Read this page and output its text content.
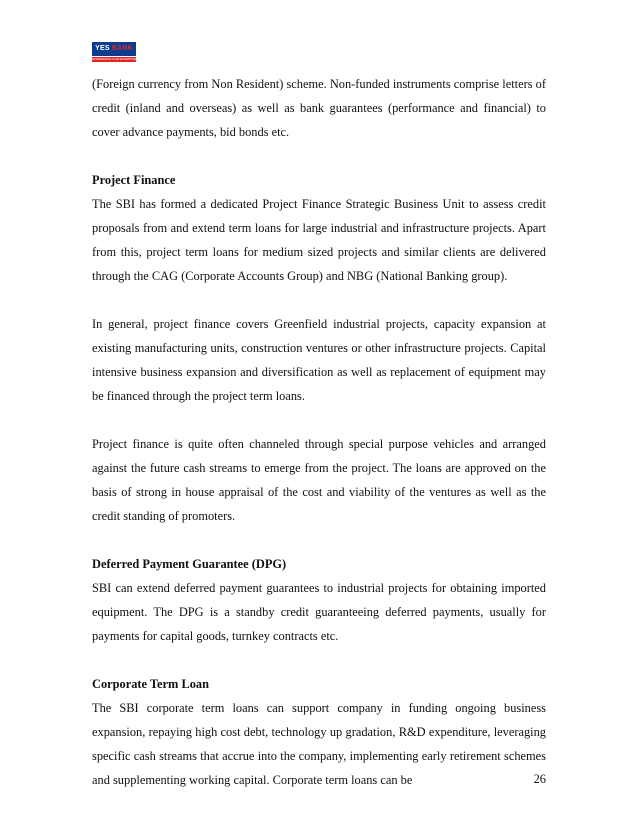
YES BANK
EXPERIENCE OUR EXPERTISE

(Foreign currency from Non Resident) scheme. Non-funded instruments comprise letters of credit (inland and overseas) as well as bank guarantees (performance and financial) to cover advance payments, bid bonds etc.

Project Finance

The SBI has formed a dedicated Project Finance Strategic Business Unit to assess credit proposals from and extend term loans for large industrial and infrastructure projects. Apart from this, project term loans for medium sized projects and similar clients are delivered through the CAG (Corporate Accounts Group) and NBG (National Banking group).

In general, project finance covers Greenfield industrial projects, capacity expansion at existing manufacturing units, construction ventures or other infrastructure projects. Capital intensive business expansion and diversification as well as replacement of equipment may be financed through the project term loans.

Project finance is quite often channeled through special purpose vehicles and arranged against the future cash streams to emerge from the project. The loans are approved on the basis of strong in house appraisal of the cost and viability of the ventures as well as the credit standing of promoters.

Deferred Payment Guarantee (DPG)

SBI can extend deferred payment guarantees to industrial projects for obtaining imported equipment. The DPG is a standby credit guaranteeing deferred payments, usually for payments for capital goods, turnkey contracts etc.

Corporate Term Loan

The SBI corporate term loans can support company in funding ongoing business expansion, repaying high cost debt, technology up gradation, R&D expenditure, leveraging specific cash streams that accrue into the company, implementing early retirement schemes and supplementing working capital. Corporate term loans can be	26
